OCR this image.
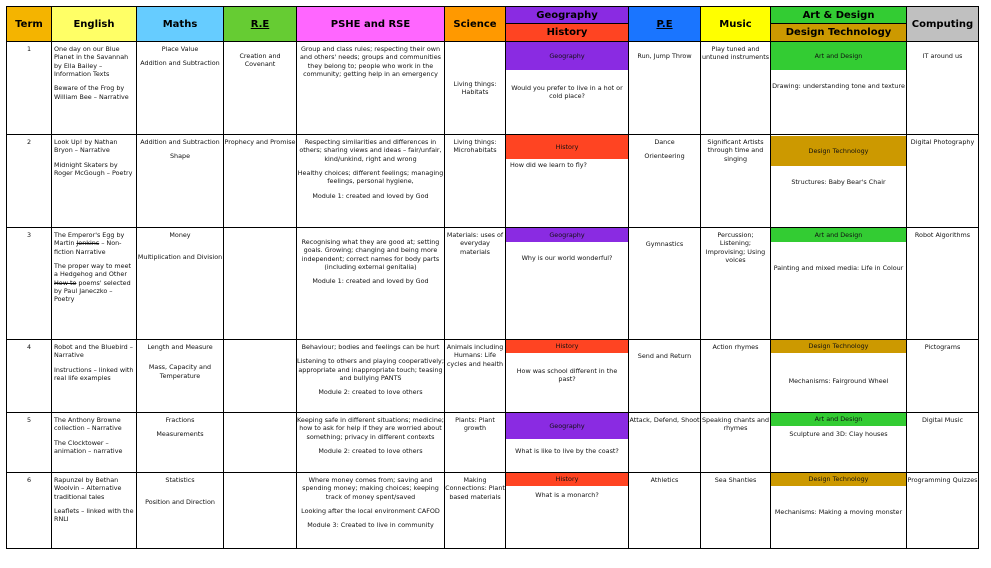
Term	English	Maths	R.E	PSHE and RSE	Science	Geography	P.E	Music	Art & Design	Computing
						History			Design Technology	
1	One day on our Blue Planet in the Savannah by Ella Bailey – Information Texts
Beware of the Frog by William Bee – Narrative	Place Value
Addition and Subtraction	Creation and Covenant	Group and class rules; respecting their own and others' needs; groups and communities they belong to; people who work in the community; getting help in an emergency	Living things: Habitats	Geography
Would you prefer to live in a hot or cold place?	Run, Jump Throw	Play tuned and untuned instruments	Art and Design
Drawing: understanding tone and texture	IT around us
2	Look Up! by Nathan Bryon – Narrative
Midnight Skaters by Roger McGough – Poetry	Addition and Subtraction
Shape	Prophecy and Promise	Respecting similarities and differences in others; sharing views and ideas – fair/unfair, kind/unkind, right and wrong
Healthy choices; different feelings; managing feelings, personal hygiene,
Module 1: created and loved by God	Living things: Microhabitats	History
How did we learn to fly?	Dance
Orienteering	Significant Artists through time and singing	Design Technology
Structures: Baby Bear's Chair	Digital Photography
3	The Emperor's Egg by Martin Jenkins – Non-fiction Narrative
The proper way to meet a Hedgehog and Other How to poems' selected by Paul Janeczko – Poetry	Money
Multiplication and Division		Recognising what they are good at; setting goals. Growing; changing and being more independent; correct names for body parts (including external genitalia)
Module 1: created and loved by God	Materials: uses of everyday materials	Geography
Why is our world wonderful?	Gymnastics	Percussion; Listening; Improvising; Using voices	Art and Design
Painting and mixed media: Life in Colour	Robot Algorithms
4	Robot and the Bluebird – Narrative
Instructions – linked with real life examples	Length and Measure
Mass, Capacity and Temperature		Behaviour; bodies and feelings can be hurt
Listening to others and playing cooperatively; appropriate and inappropriate touch; teasing and bullying PANTS
Module 2: created to love others	Animals including Humans: Life cycles and health	History
How was school different in the past?	Send and Return	Action rhymes	Design Technology
Mechanisms: Fairground Wheel	Pictograms
5	The Anthony Browne collection – Narrative
The Clocktower – animation – narrative	Fractions
Measurements		Keeping safe in different situations; medicine; how to ask for help if they are worried about something; privacy in different contexts
Module 2: created to love others	Plants: Plant growth	Geography
What is like to live by the coast?	Attack, Defend, Shoot	Speaking chants and rhymes	Art and Design
Sculpture and 3D: Clay houses	Digital Music
6	Rapunzel by Bethan Woolvin – Alternative traditional tales
Leaflets – linked with the RNLI	Statistics
Position and Direction		Where money comes from; saving and spending money; making choices; keeping track of money spent/saved
Looking after the local environment CAFOD
Module 3: Created to live in community	Making Connections: Plant based materials	History
What is a monarch?	Athletics	Sea Shanties	Design Technology
Mechanisms: Making a moving monster	Programming Quizzes
